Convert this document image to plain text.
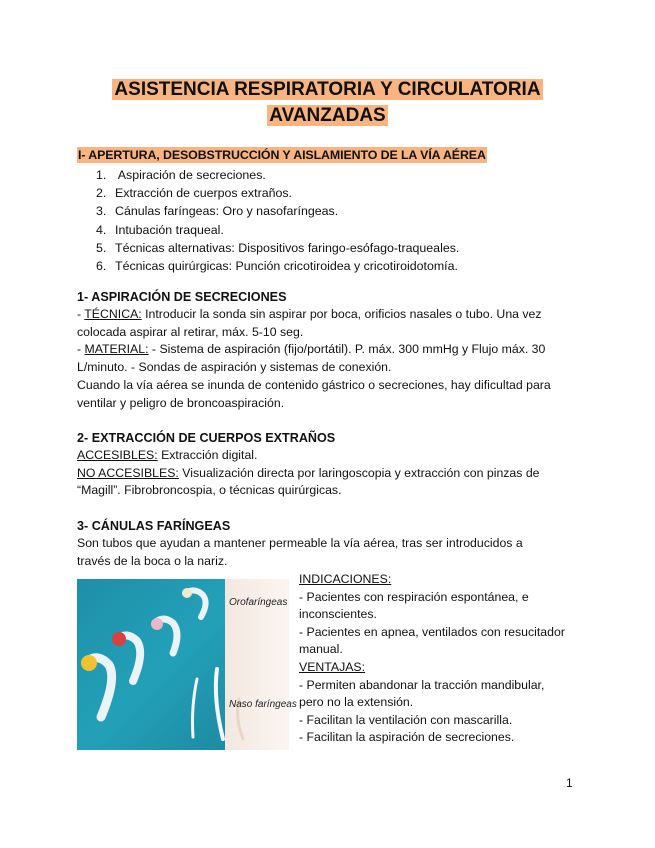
ASISTENCIA RESPIRATORIA Y CIRCULATORIA
AVANZADAS
I- APERTURA, DESOBSTRUCCIÓN Y AISLAMIENTO DE LA VÍA AÉREA
1. Aspiración de secreciones.
2. Extracción de cuerpos extraños.
3. Cánulas faríngeas: Oro y nasofaríngeas.
4. Intubación traqueal.
5. Técnicas alternativas: Dispositivos faringo-esófago-traqueales.
6. Técnicas quirúrgicas: Punción cricotiroidea y cricotiroidotomía.
1- ASPIRACIÓN DE SECRECIONES
- TÉCNICA: Introducir la sonda sin aspirar por boca, orificios nasales o tubo. Una vez
colocada aspirar al retirar, máx. 5-10 seg.
- MATERIAL: - Sistema de aspiración (fijo/portátil). P. máx. 300 mmHg y Flujo máx. 30
L/minuto. - Sondas de aspiración y sistemas de conexión.
Cuando la vía aérea se inunda de contenido gástrico o secreciones, hay dificultad para
ventilar y peligro de broncoaspiración.
2- EXTRACCIÓN DE CUERPOS EXTRAÑOS
ACCESIBLES: Extracción digital.
NO ACCESIBLES: Visualización directa por laringoscopia y extracción con pinzas de
“Magill”. Fibrobroncospia, o técnicas quirúrgicas.
3- CÁNULAS FARÍNGEAS
Son tubos que ayudan a mantener permeable la vía aérea, tras ser introducidos a
través de la boca o la nariz.
Orofaríngeas
Naso faríngeas
INDICACIONES:
- Pacientes con respiración espontánea, e
inconscientes.
- Pacientes en apnea, ventilados con resucitador
manual.
VENTAJAS:
- Permiten abandonar la tracción mandibular,
pero no la extensión.
- Facilitan la ventilación con mascarilla.
- Facilitan la aspiración de secreciones.
1
